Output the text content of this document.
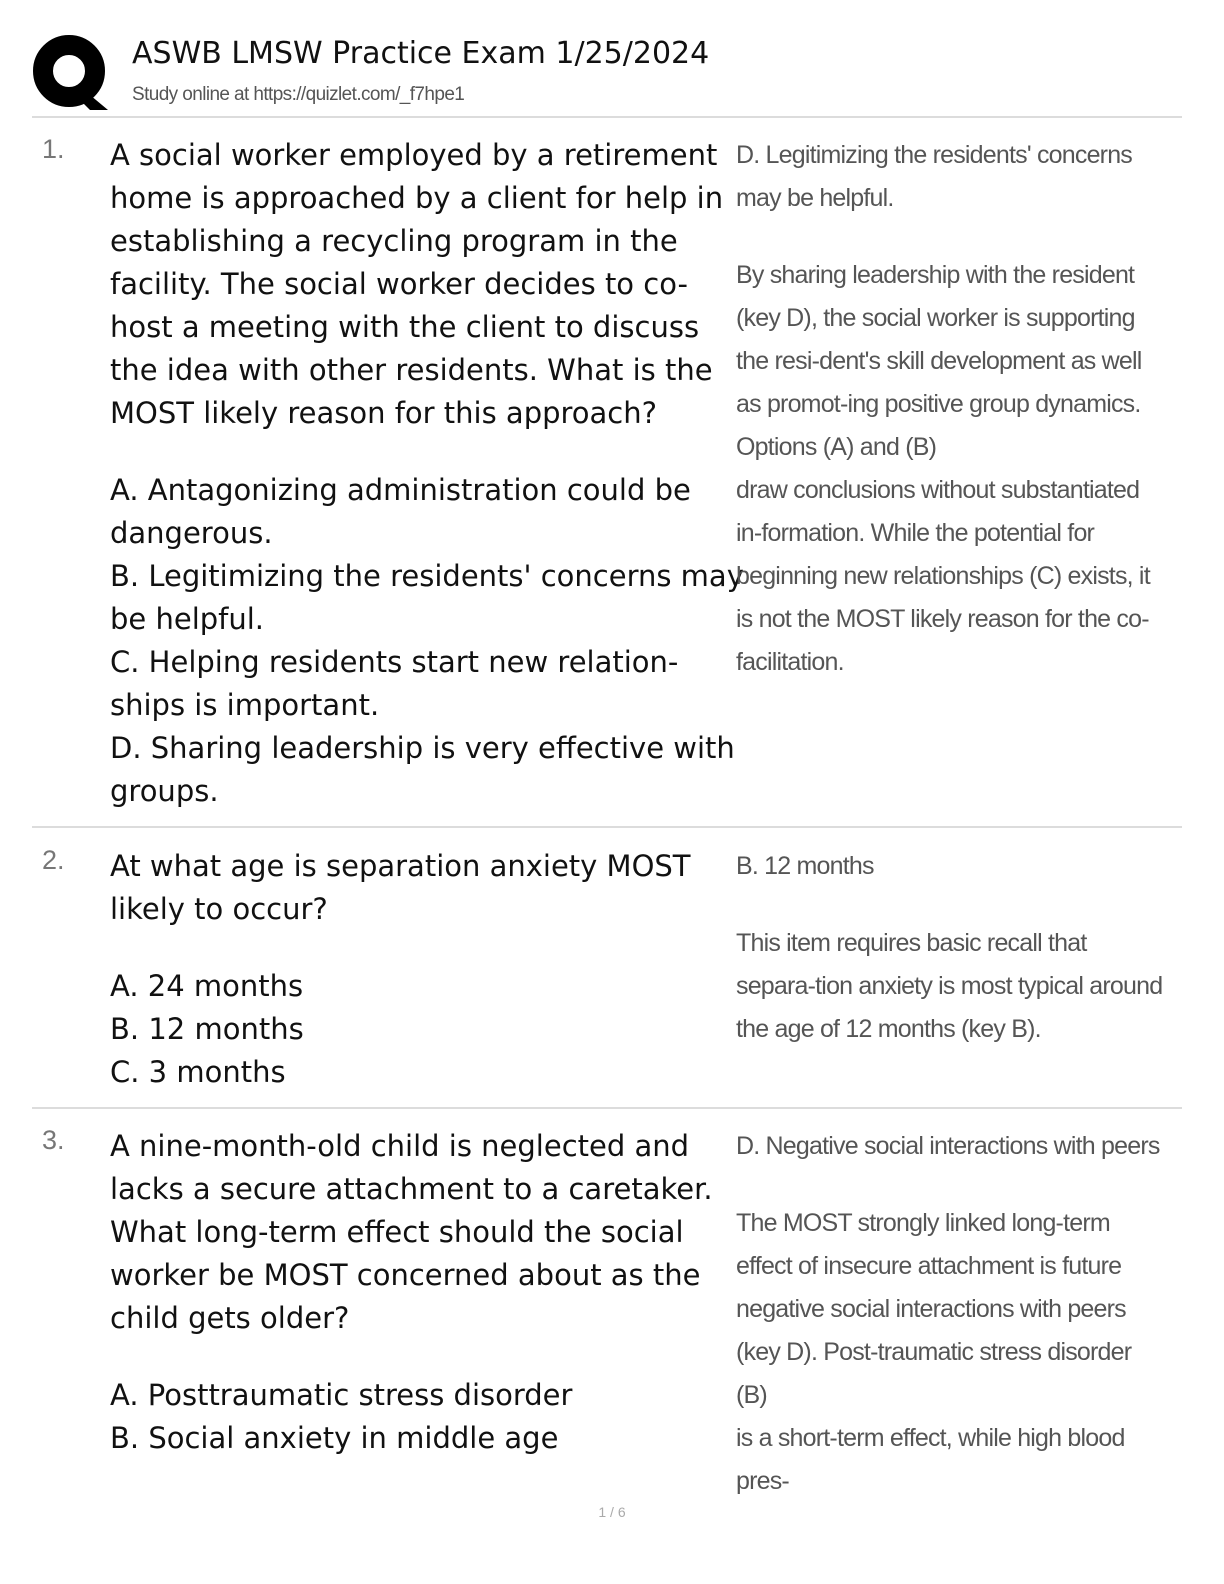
ASWB LMSW Practice Exam 1/25/2024
Study online at https://quizlet.com/_f7hpe1
1. A social worker employed by a retirement home is approached by a client for help in establishing a recycling program in the facility. The social worker decides to co-host a meeting with the client to discuss the idea with other residents. What is the MOST likely reason for this approach?

A. Antagonizing administration could be dangerous.

B. Legitimizing the residents' concerns may be helpful.

C. Helping residents start new relation-ships is important.

D. Sharing leadership is very effective with groups.

D. Legitimizing the residents' concerns may be helpful.

By sharing leadership with the resident (key D), the social worker is supporting the resi-dent's skill development as well as promot-ing positive group dynamics. Options (A) and (B)

draw conclusions without substantiated in-formation. While the potential for beginning new relationships (C) exists, it is not the MOST likely reason for the co-facilitation.

2. At what age is separation anxiety MOST likely to occur?

A. 24 months

B. 12 months

C. 3 months

B. 12 months

This item requires basic recall that separa-tion anxiety is most typical around the age of 12 months (key B).

3. A nine-month-old child is neglected and lacks a secure attachment to a caretaker. What long-term effect should the social worker be MOST concerned about as the child gets older?

A. Posttraumatic stress disorder

B. Social anxiety in middle age

D. Negative social interactions with peers

The MOST strongly linked long-term effect of insecure attachment is future negative social interactions with peers (key D). Post-traumatic stress disorder (B)

is a short-term effect, while high blood pres-

1 / 6
